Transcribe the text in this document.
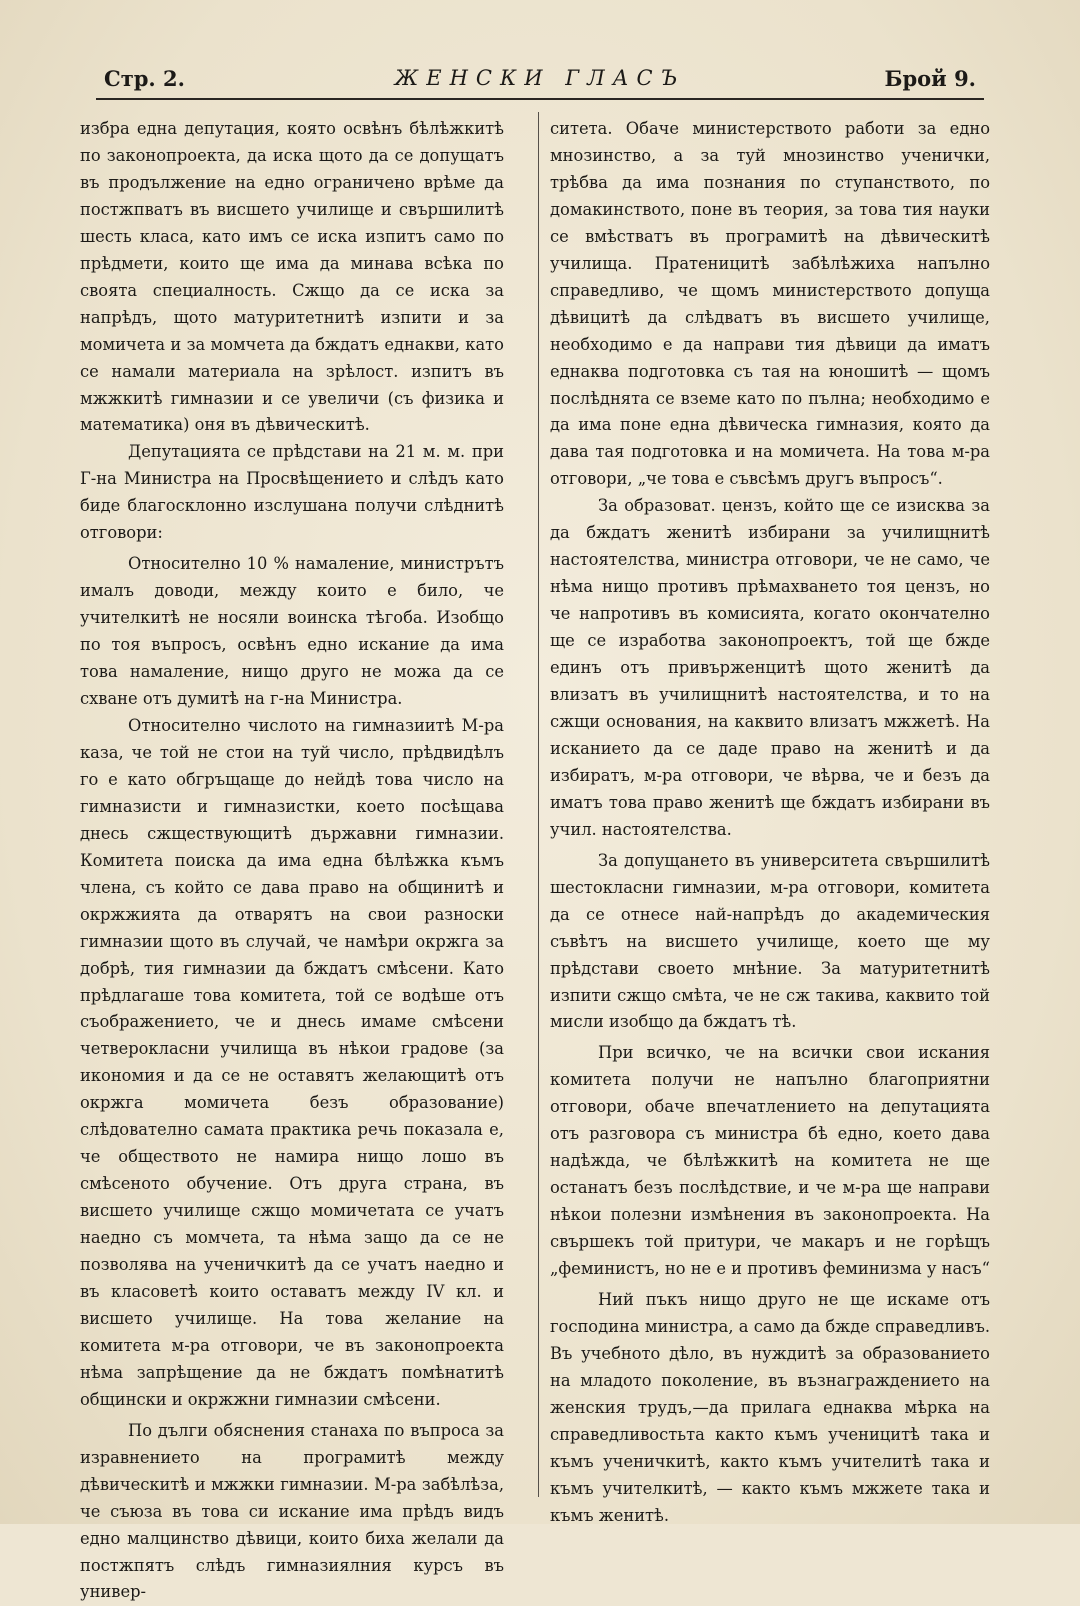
Стр. 2.	ЖЕНСКИ ГЛАСЪ	Брой 9.

избра една депутация, която освѣнъ бѣлѣжкитѣ по законопроекта, да иска щото да се допущатъ въ продължение на едно ограничено врѣме да постжпватъ въ висшето училище и свършилитѣ шесть класа, като имъ се иска изпитъ само по прѣдмети, които ще има да минава всѣка по своята специалность. Сжщо да се иска за напрѣдъ, щото матуритетнитѣ изпити и за момичета и за момчета да бждатъ еднакви, като се намали материала на зрѣлост. изпитъ въ мжжкитѣ гимназии и се увеличи (съ физика и математика) оня въ дѣвическитѣ.

Депутацията се прѣдстави на 21 м. м. при Г-на Министра на Просвѣщението и слѣдъ като биде благосклонно изслушана получи слѣднитѣ отговори:

Относително 10 % намаление, министрътъ ималъ доводи, между които е било, че учителкитѣ не носяли воинска тѣгоба. Изобщо по тоя въпросъ, освѣнъ едно искание да има това намаление, нищо друго не можа да се схване отъ думитѣ на г-на Министра.

Относително числото на гимназиитѣ М-ра каза, че той не стои на туй число, прѣдвидѣлъ го е като обгръщаще до нейдѣ това число на гимназисти и гимназистки, което посѣщава днесь сжществующитѣ държавни гимназии. Комитета поиска да има една бѣлѣжка къмъ члена, съ който се дава право на общинитѣ и окржжията да отварятъ на свои разноски гимназии щото въ случай, че намѣри окржга за добрѣ, тия гимназии да бждатъ смѣсени. Като прѣдлагаше това комитета, той се водѣше отъ съображението, че и днесь имаме смѣсени четверокласни училища въ нѣкои градове (за икономия и да се не оставятъ желающитѣ отъ окржга момичета безъ образование) слѣдователно самата практика речь показала е, че обществото не намира нищо лошо въ смѣсеното обучение. Отъ друга страна, въ висшето училище сжщо момичетата се учатъ наедно съ момчета, та нѣма защо да се не позволява на ученичкитѣ да се учатъ наедно и въ класоветѣ които оставатъ между IV кл. и висшето училище. На това желание на комитета м-ра отговори, че въ законопроекта нѣма запрѣщение да не бждатъ помѣнатитѣ общински и окржжни гимназии смѣсени.

По дълги обяснения станаха по въпроса за изравнението на програмитѣ между дѣвическитѣ и мжжки гимназии. М-ра забѣлѣза, че съюза въ това си искание има прѣдъ видъ едно малцинство дѣвици, които биха желали да постжпятъ слѣдъ гимназиялния курсъ въ универ-

ситета. Обаче министерството работи за едно мнозинство, а за туй мнозинство ученички, трѣбва да има познания по ступанството, по домакинството, поне въ теория, за това тия науки се вмѣстватъ въ програмитѣ на дѣвическитѣ училища. Пратеницитѣ забѣлѣжиха напълно справедливо, че щомъ министерството допуща дѣвицитѣ да слѣдватъ въ висшето училище, необходимо е да направи тия дѣвици да иматъ еднаква подготовка съ тая на юношитѣ — щомъ послѣднята се вземе като по пълна; необходимо е да има поне една дѣвическа гимназия, която да дава тая подготовка и на момичета. На това м-ра отговори, „че това е съвсѣмъ другъ въпросъ“.

За образоват. цензъ, който ще се изисква за да бждатъ женитѣ избирани за училищнитѣ настоятелства, министра отговори, че не само, че нѣма нищо противъ прѣмахването тоя цензъ, но че напротивъ въ комисията, когато окончателно ще се изработва законопроектъ, той ще бжде единъ отъ привърженцитѣ щото женитѣ да влизатъ въ училищнитѣ настоятелства, и то на сжщи основания, на каквито влизатъ мжжетѣ. На исканието да се даде право на женитѣ и да избиратъ, м-ра отговори, че вѣрва, че и безъ да иматъ това право женитѣ ще бждатъ избирани въ учил. настоятелства.

За допущането въ университета свършилитѣ шестокласни гимназии, м-ра отговори, комитета да се отнесе най-напрѣдъ до академическия съвѣтъ на висшето училище, което ще му прѣдстави своето мнѣние. За матуритетнитѣ изпити сжщо смѣта, че не сж такива, каквито той мисли изобщо да бждатъ тѣ.

При всичко, че на всички свои искания комитета получи не напълно благоприятни отговори, обаче впечатлението на депутацията отъ разговора съ министра бѣ едно, което дава надѣжда, че бѣлѣжкитѣ на комитета не ще останатъ безъ послѣдствие, и че м-ра ще направи нѣкои полезни измѣнения въ законопроекта. На свършекъ той притури, че макаръ и не горѣщъ „феминистъ, но не е и противъ феминизма у насъ“

Ний пъкъ нищо друго не ще искаме отъ господина министра, а само да бжде справедливъ. Въ учебното дѣло, въ нуждитѣ за образованието на младото поколение, въ възнаграждението на женския трудъ,—да прилага еднаква мѣрка на справедливостьта както къмъ ученицитѣ така и къмъ ученичкитѣ, както къмъ учителитѣ така и къмъ учителкитѣ, — както къмъ мжжете така и къмъ женитѣ.
